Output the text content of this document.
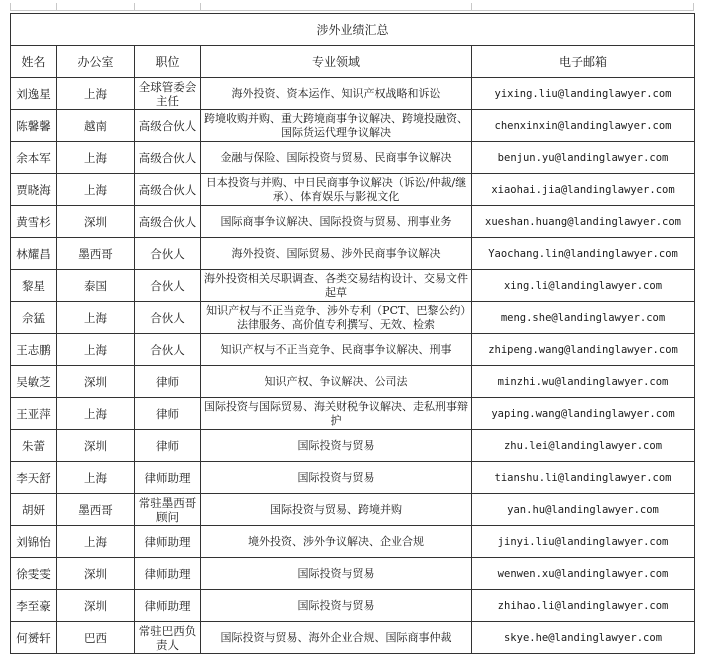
涉外业绩汇总				
姓名	办公室	职位	专业领域	电子邮箱
刘逸星	上海	全球管委会主任	海外投资、资本运作、知识产权战略和诉讼	yixing.liu@landinglawyer.com
陈馨馨	越南	高级合伙人	跨境收购并购、重大跨境商事争议解决、跨境投融资、国际货运代理争议解决	chenxinxin@landinglawyer.com
余本军	上海	高级合伙人	金融与保险、国际投资与贸易、民商事争议解决	benjun.yu@landinglawyer.com
贾晓海	上海	高级合伙人	日本投资与并购、中日民商事争议解决（诉讼/仲裁/继承）、体育娱乐与影视文化	xiaohai.jia@landinglawyer.com
黄雪杉	深圳	高级合伙人	国际商事争议解决、国际投资与贸易、刑事业务	xueshan.huang@landinglawyer.com
林耀昌	墨西哥	合伙人	海外投资、国际贸易、涉外民商事争议解决	Yaochang.lin@landinglawyer.com
黎星	泰国	合伙人	海外投资相关尽职调查、各类交易结构设计、交易文件起草	xing.li@landinglawyer.com
佘猛	上海	合伙人	知识产权与不正当竞争、涉外专利（PCT、巴黎公约）法律服务、高价值专利撰写、无效、检索	meng.she@landinglawyer.com
王志鹏	上海	合伙人	知识产权与不正当竞争、民商事争议解决、刑事	zhipeng.wang@landinglawyer.com
吴敏芝	深圳	律师	知识产权、争议解决、公司法	minzhi.wu@landinglawyer.com
王亚萍	上海	律师	国际投资与国际贸易、海关财税争议解决、走私刑事辩护	yaping.wang@landinglawyer.com
朱蕾	深圳	律师	国际投资与贸易	zhu.lei@landinglawyer.com
李天舒	上海	律师助理	国际投资与贸易	tianshu.li@landinglawyer.com
胡妍	墨西哥	常驻墨西哥顾问	国际投资与贸易、跨境并购	yan.hu@landinglawyer.com
刘锦怡	上海	律师助理	境外投资、涉外争议解决、企业合规	jinyi.liu@landinglawyer.com
徐雯雯	深圳	律师助理	国际投资与贸易	wenwen.xu@landinglawyer.com
李至豪	深圳	律师助理	国际投资与贸易	zhihao.li@landinglawyer.com
何赟轩	巴西	常驻巴西负责人	国际投资与贸易、海外企业合规、国际商事仲裁	skye.he@landinglawyer.com
